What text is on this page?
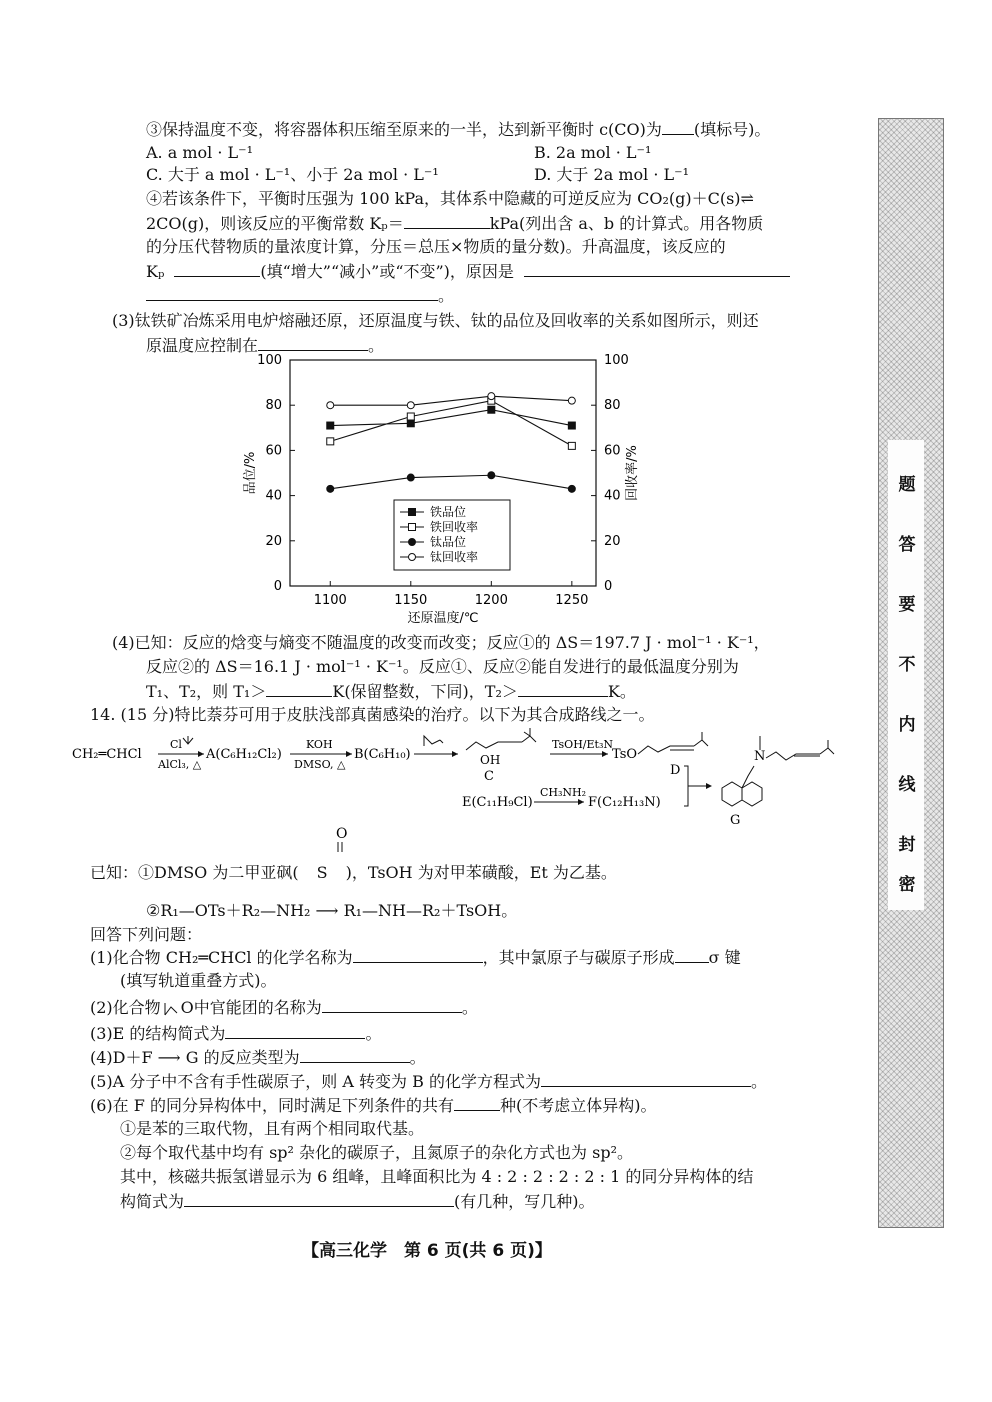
③保持温度不变，将容器体积压缩至原来的一半，达到新平衡时 c(CO)为 (填标号)。
A. a mol · L⁻¹	B. 2a mol · L⁻¹
C. 大于 a mol · L⁻¹、小于 2a mol · L⁻¹	D. 大于 2a mol · L⁻¹
④若该条件下，平衡时压强为 100 kPa，其体系中隐藏的可逆反应为 CO₂(g)＋C(s)⇌
2CO(g)，则该反应的平衡常数 Kₚ＝	kPa(列出含 a、b 的计算式。用各物质
的分压代替物质的量浓度计算，分压＝总压×物质的量分数)。升高温度，该反应的
Kₚ	(填“增大”“减小”或“不变”)，原因是
。
(3)钛铁矿冶炼采用电炉熔融还原，还原温度与铁、钛的品位及回收率的关系如图所示，则还
原温度应控制在	。
0	0
20	20
40	40
60	60
80	80
100	100
1100	1150	1200	1250
还原温度/℃
品位/%	回收率/%
铁品位
铁回收率
钛品位
钛回收率
(4)已知：反应的焓变与熵变不随温度的改变而改变；反应①的 ΔS＝197.7 J · mol⁻¹ · K⁻¹，
反应②的 ΔS＝16.1 J · mol⁻¹ · K⁻¹。反应①、反应②能自发进行的最低温度分别为
T₁、T₂，则 T₁＞	K(保留整数，下同)，T₂＞	K。
14. (15 分)特比萘芬可用于皮肤浅部真菌感染的治疗。以下为其合成路线之一。
CH₂═CHCl
Cl
AlCl₃, △
A(C₆H₁₂Cl₂)
KOH
DMSO, △
B(C₆H₁₀)	OH
C
TsOH/Et₃N
TsO
D
E(C₁₁H₉Cl)
CH₃NH₂
F(C₁₂H₁₃N)
N
G
O
已知：①DMSO 为二甲亚砜( S )，TsOH 为对甲苯磺酸，Et 为乙基。
②R₁—OTs＋R₂—NH₂ ⟶ R₁—NH—R₂＋TsOH。
回答下列问题：
(1)化合物 CH₂═CHCl 的化学名称为	，其中氯原子与碳原子形成 σ 键
(填写轨道重叠方式)。
(2)化合物 O中官能团的名称为	。
(3)E 的结构简式为	。
(4)D＋F ⟶ G 的反应类型为	。
(5)A 分子中不含有手性碳原子，则 A 转变为 B 的化学方程式为	。
(6)在 F 的同分异构体中，同时满足下列条件的共有	种(不考虑立体异构)。
①是苯的三取代物，且有两个相同取代基。
②每个取代基中均有 sp² 杂化的碳原子，且氮原子的杂化方式也为 sp²。
其中，核磁共振氢谱显示为 6 组峰，且峰面积比为 4 : 2 : 2 : 2 : 2 : 1 的同分异构体的结
构简式为	(有几种，写几种)。
【高三化学　第 6 页(共 6 页)】
题
答
要
不
内
线
封
密
